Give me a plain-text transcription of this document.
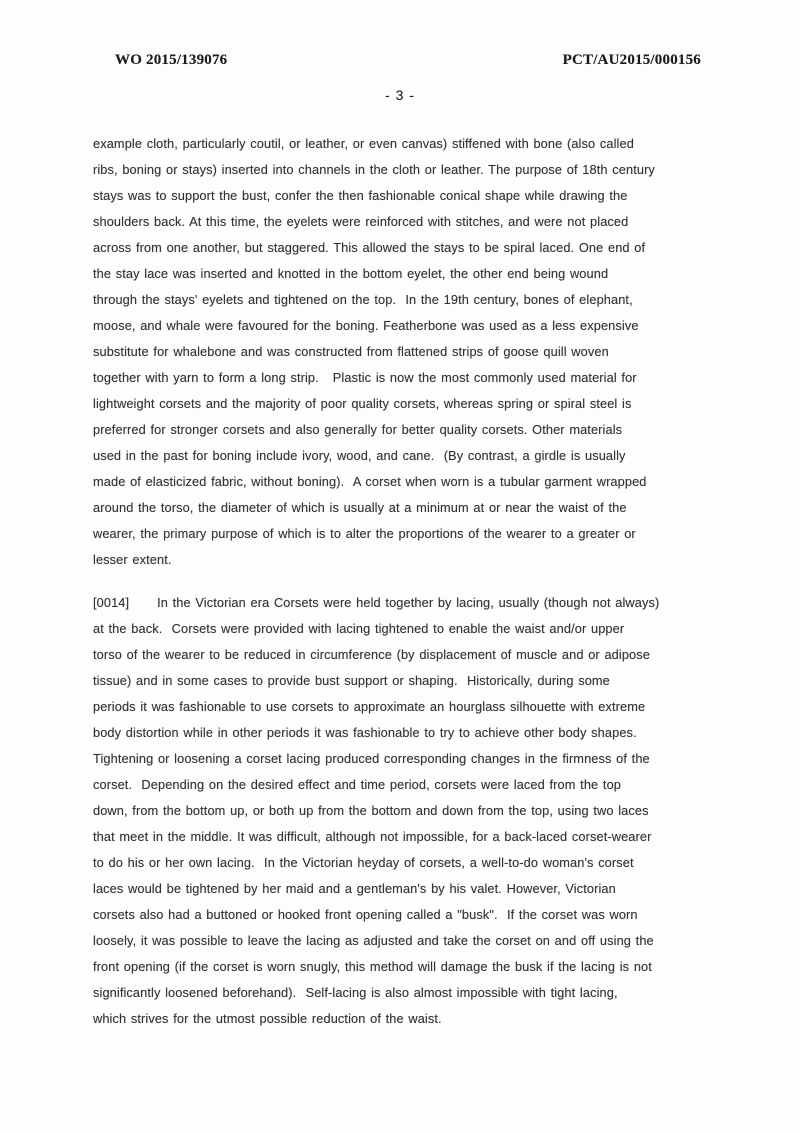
WO 2015/139076	PCT/AU2015/000156
- 3 -
example cloth, particularly coutil, or leather, or even canvas) stiffened with bone (also called
ribs, boning or stays) inserted into channels in the cloth or leather. The purpose of 18th century
stays was to support the bust, confer the then fashionable conical shape while drawing the
shoulders back. At this time, the eyelets were reinforced with stitches, and were not placed
across from one another, but staggered. This allowed the stays to be spiral laced. One end of
the stay lace was inserted and knotted in the bottom eyelet, the other end being wound
through the stays' eyelets and tightened on the top.  In the 19th century, bones of elephant,
moose, and whale were favoured for the boning. Featherbone was used as a less expensive
substitute for whalebone and was constructed from flattened strips of goose quill woven
together with yarn to form a long strip.   Plastic is now the most commonly used material for
lightweight corsets and the majority of poor quality corsets, whereas spring or spiral steel is
preferred for stronger corsets and also generally for better quality corsets. Other materials
used in the past for boning include ivory, wood, and cane.  (By contrast, a girdle is usually
made of elasticized fabric, without boning).  A corset when worn is a tubular garment wrapped
around the torso, the diameter of which is usually at a minimum at or near the waist of the
wearer, the primary purpose of which is to alter the proportions of the wearer to a greater or
lesser extent.
[0014]      In the Victorian era Corsets were held together by lacing, usually (though not always)
at the back.  Corsets were provided with lacing tightened to enable the waist and/or upper
torso of the wearer to be reduced in circumference (by displacement of muscle and or adipose
tissue) and in some cases to provide bust support or shaping.  Historically, during some
periods it was fashionable to use corsets to approximate an hourglass silhouette with extreme
body distortion while in other periods it was fashionable to try to achieve other body shapes.
Tightening or loosening a corset lacing produced corresponding changes in the firmness of the
corset.  Depending on the desired effect and time period, corsets were laced from the top
down, from the bottom up, or both up from the bottom and down from the top, using two laces
that meet in the middle. It was difficult, although not impossible, for a back-laced corset-wearer
to do his or her own lacing.  In the Victorian heyday of corsets, a well-to-do woman's corset
laces would be tightened by her maid and a gentleman's by his valet. However, Victorian
corsets also had a buttoned or hooked front opening called a "busk".  If the corset was worn
loosely, it was possible to leave the lacing as adjusted and take the corset on and off using the
front opening (if the corset is worn snugly, this method will damage the busk if the lacing is not
significantly loosened beforehand).  Self-lacing is also almost impossible with tight lacing,
which strives for the utmost possible reduction of the waist.
